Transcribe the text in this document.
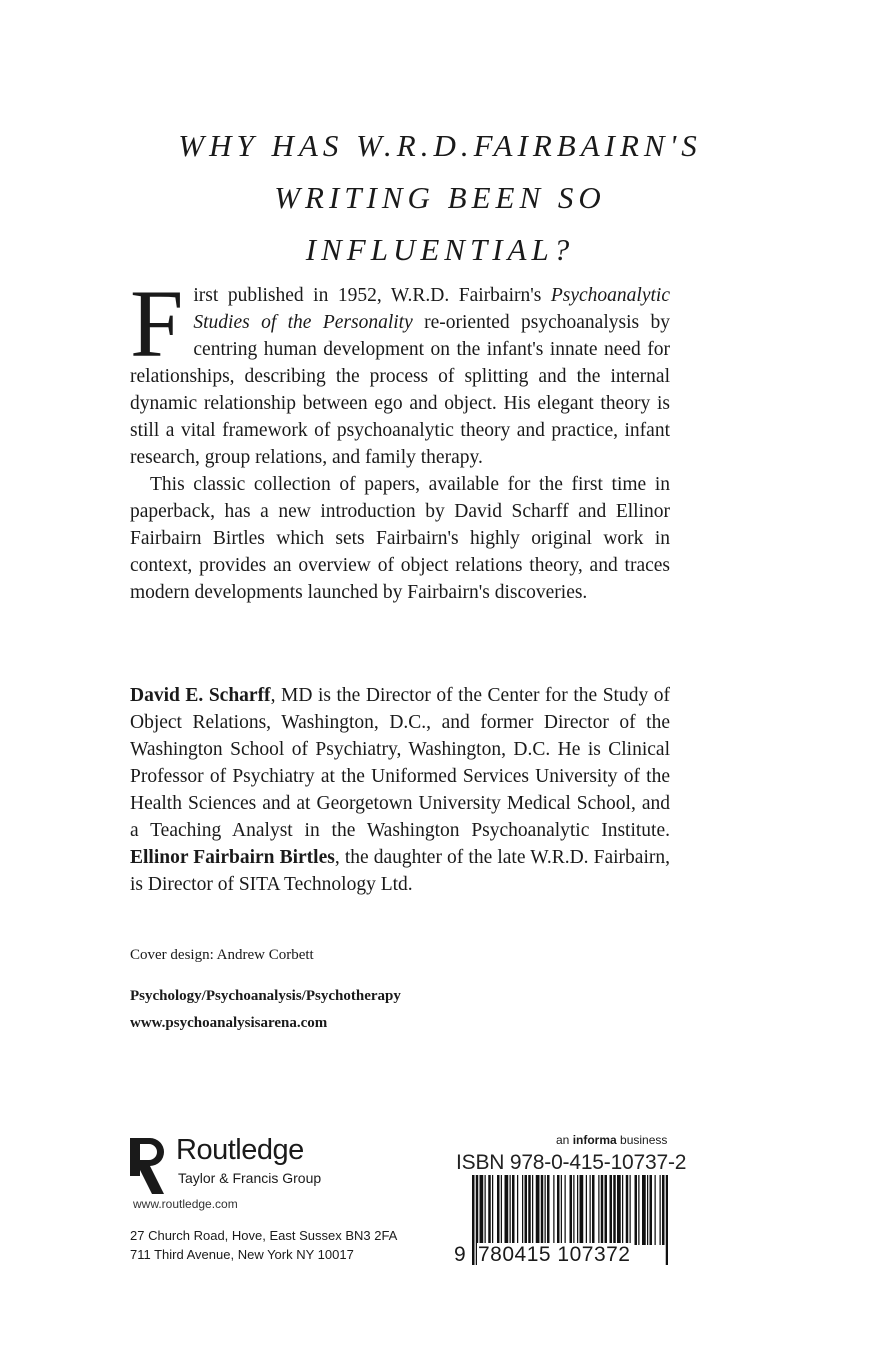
WHY HAS W.R.D.FAIRBAIRN'S
WRITING BEEN SO
INFLUENTIAL?

First published in 1952, W.R.D. Fairbairn's Psychoanalytic Studies of the Personality re-oriented psychoanalysis by centring human development on the infant's innate need for relationships, describing the process of splitting and the internal dynamic relationship between ego and object. His elegant theory is still a vital framework of psychoanalytic theory and practice, infant research, group relations, and family therapy.

This classic collection of papers, available for the first time in paperback, has a new introduction by David Scharff and Ellinor Fairbairn Birtles which sets Fairbairn's highly original work in context, provides an overview of object relations theory, and traces modern developments launched by Fairbairn's discoveries.

David E. Scharff, MD is the Director of the Center for the Study of Object Relations, Washington, D.C., and former Director of the Washington School of Psychiatry, Washington, D.C. He is Clinical Professor of Psychiatry at the Uniformed Services University of the Health Sciences and at Georgetown University Medical School, and a Teaching Analyst in the Washington Psychoanalytic Institute. Ellinor Fairbairn Birtles, the daughter of the late W.R.D. Fairbairn, is Director of SITA Technology Ltd.

Cover design: Andrew Corbett
Psychology/Psychoanalysis/Psychotherapy
www.psychoanalysisarena.com
Routledge
Taylor & Francis Group
www.routledge.com
27 Church Road, Hove, East Sussex BN3 2FA
711 Third Avenue, New York NY 10017
an informa business
ISBN 978-0-415-10737-2
9 780415 107372
